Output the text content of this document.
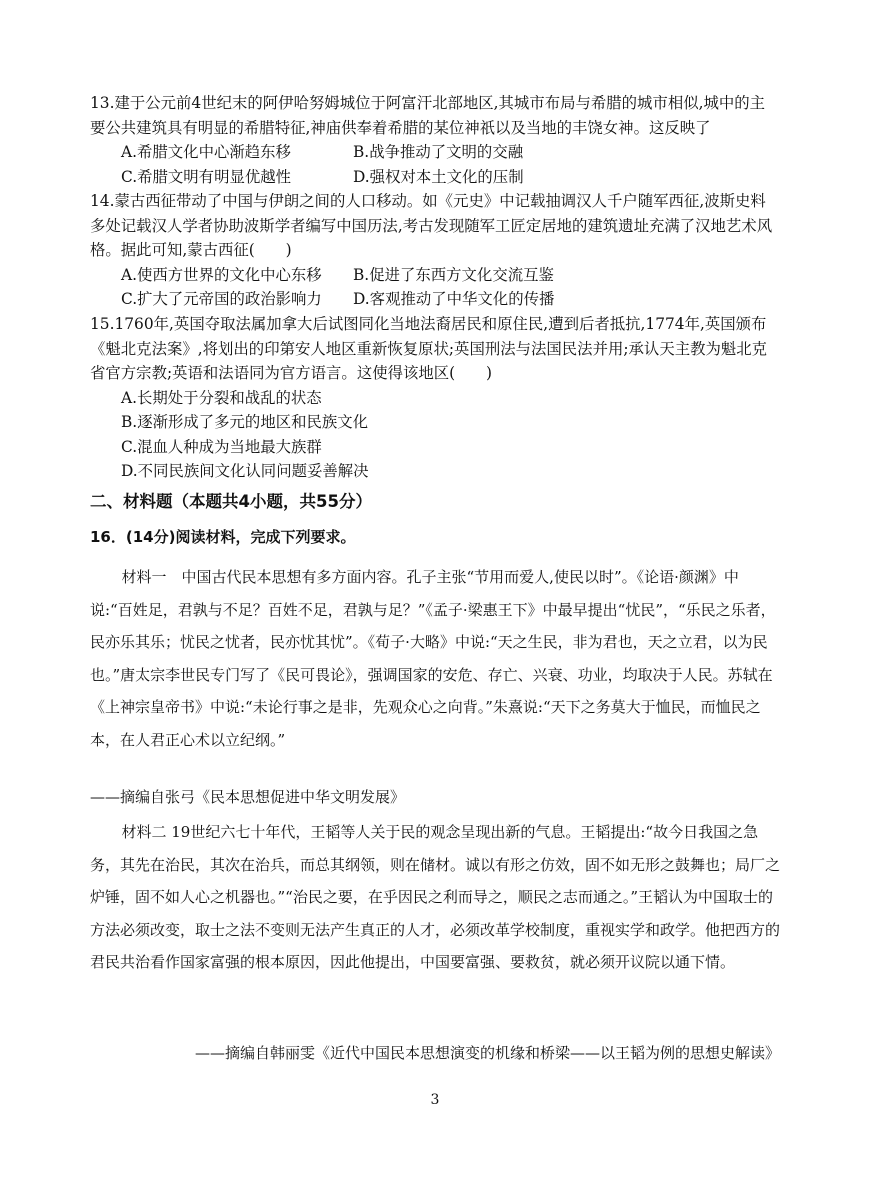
13.建于公元前4世纪末的阿伊哈努姆城位于阿富汗北部地区,其城市布局与希腊的城市相似,城中的主要公共建筑具有明显的希腊特征,神庙供奉着希腊的某位神祇以及当地的丰饶女神。这反映了

A.希腊文化中心渐趋东移	B.战争推动了文明的交融
C.希腊文明有明显优越性	D.强权对本土文化的压制

14.蒙古西征带动了中国与伊朗之间的人口移动。如《元史》中记载抽调汉人千户随军西征,波斯史料多处记载汉人学者协助波斯学者编写中国历法,考古发现随军工匠定居地的建筑遗址充满了汉地艺术风格。据此可知,蒙古西征(　　)

A.使西方世界的文化中心东移	B.促进了东西方文化交流互鉴
C.扩大了元帝国的政治影响力	D.客观推动了中华文化的传播

15.1760年,英国夺取法属加拿大后试图同化当地法裔居民和原住民,遭到后者抵抗,1774年,英国颁布《魁北克法案》,将划出的印第安人地区重新恢复原状;英国刑法与法国民法并用;承认天主教为魁北克省官方宗教;英语和法语同为官方语言。这使得该地区(　　)

A.长期处于分裂和战乱的状态
B.逐渐形成了多元的地区和民族文化
C.混血人种成为当地最大族群
D.不同民族间文化认同问题妥善解决
二、材料题（本题共4小题，共55分）
16．(14分)阅读材料，完成下列要求。

材料一　中国古代民本思想有多方面内容。孔子主张“节用而爱人,使民以时”。《论语·颜渊》中说:“百姓足，君孰与不足？百姓不足，君孰与足？”《孟子·梁惠王下》中最早提出“忧民”，“乐民之乐者，民亦乐其乐；忧民之忧者，民亦忧其忧”。《荀子·大略》中说:“天之生民，非为君也，天之立君，以为民也。”唐太宗李世民专门写了《民可畏论》，强调国家的安危、存亡、兴衰、功业，均取决于人民。苏轼在《上神宗皇帝书》中说:“未论行事之是非，先观众心之向背。”朱熹说:“天下之务莫大于恤民，而恤民之本，在人君正心术以立纪纲。”

——摘编自张弓《民本思想促进中华文明发展》

材料二 19世纪六七十年代，王韬等人关于民的观念呈现出新的气息。王韬提出:“故今日我国之急务，其先在治民，其次在治兵，而总其纲领，则在储材。诚以有形之仿效，固不如无形之鼓舞也；局厂之炉锤，固不如人心之机器也。”“治民之要，在乎因民之利而导之，顺民之志而通之。”王韬认为中国取士的方法必须改变，取士之法不变则无法产生真正的人才，必须改革学校制度，重视实学和政学。他把西方的君民共治看作国家富强的根本原因，因此他提出，中国要富强、要救贫，就必须开议院以通下情。

——摘编自韩丽雯《近代中国民本思想演变的机缘和桥梁——以王韬为例的思想史解读》

3
